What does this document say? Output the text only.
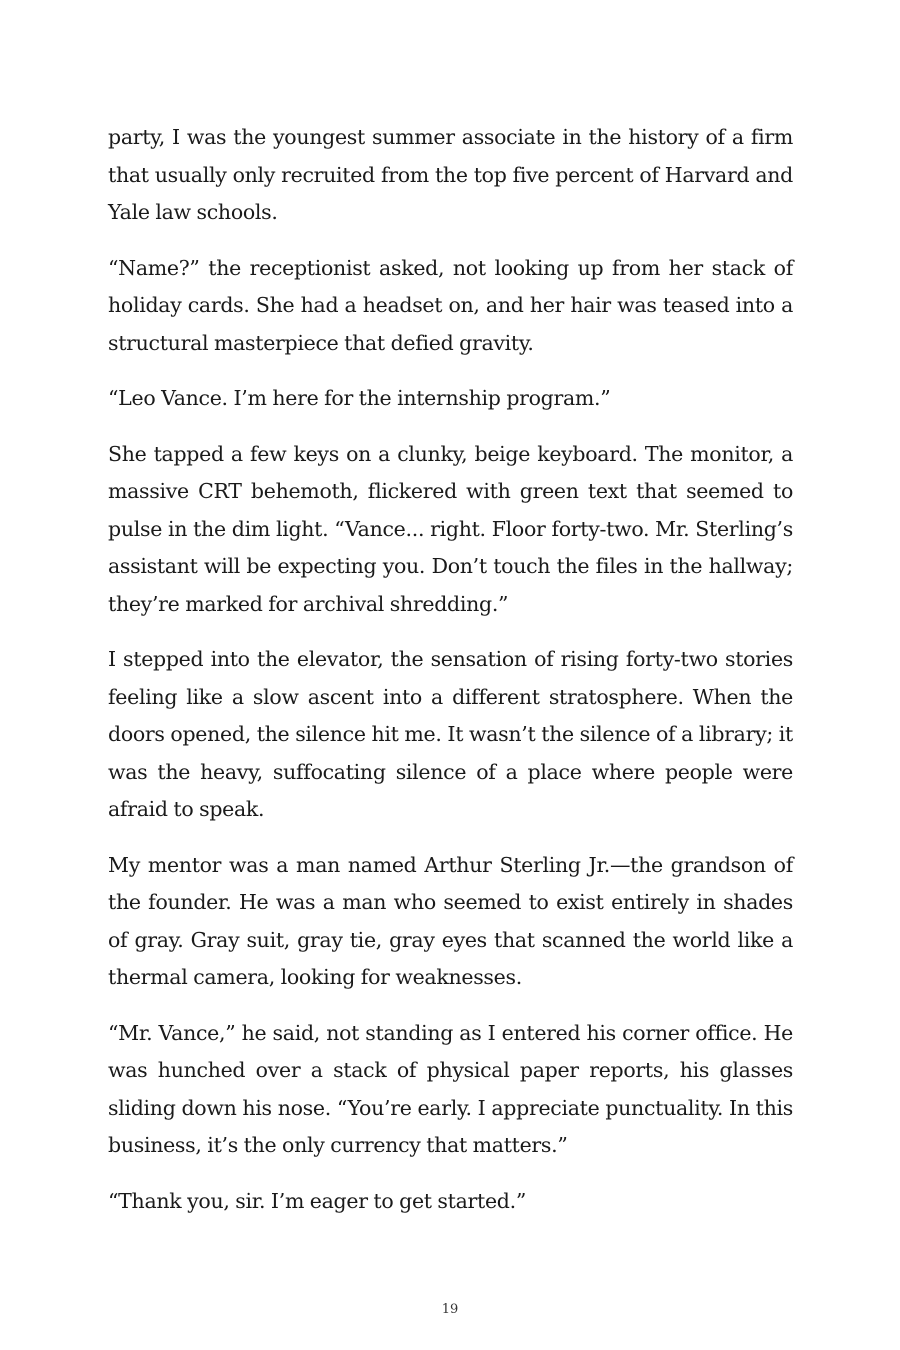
party, I was the youngest summer associate in the history of a firm that usually only recruited from the top five percent of Harvard and Yale law schools.

“Name?” the receptionist asked, not looking up from her stack of holiday cards. She had a headset on, and her hair was teased into a structural masterpiece that defied gravity.

“Leo Vance. I’m here for the internship program.”

She tapped a few keys on a clunky, beige keyboard. The monitor, a massive CRT behemoth, flickered with green text that seemed to pulse in the dim light. “Vance... right. Floor forty-two. Mr. Sterling’s assistant will be expecting you. Don’t touch the files in the hallway; they’re marked for archival shredding.”

I stepped into the elevator, the sensation of rising forty-two stories feeling like a slow ascent into a different stratosphere. When the doors opened, the silence hit me. It wasn’t the silence of a library; it was the heavy, suffocating silence of a place where people were afraid to speak.

My mentor was a man named Arthur Sterling Jr.—the grandson of the founder. He was a man who seemed to exist entirely in shades of gray. Gray suit, gray tie, gray eyes that scanned the world like a thermal camera, looking for weaknesses.

“Mr. Vance,” he said, not standing as I entered his corner office. He was hunched over a stack of physical paper reports, his glasses sliding down his nose. “You’re early. I appreciate punctuality. In this business, it’s the only currency that matters.”

“Thank you, sir. I’m eager to get started.”

19
